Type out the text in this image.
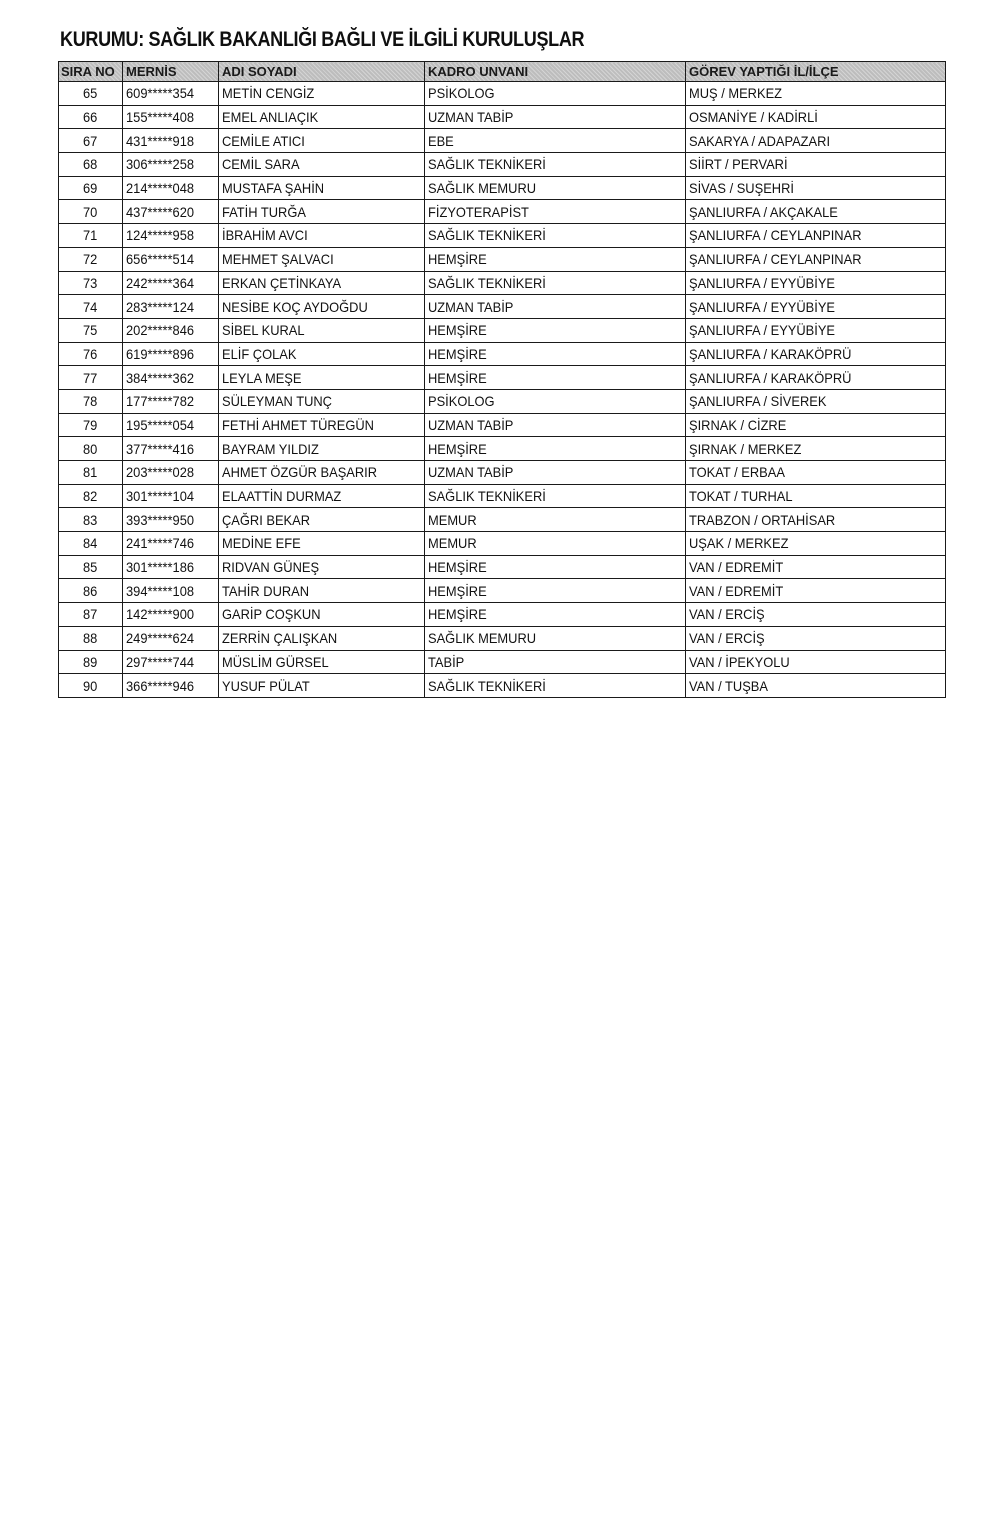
KURUMU: SAĞLIK BAKANLIĞI BAĞLI VE İLGİLİ KURULUŞLAR
SIRA NO	MERNİS	ADI SOYADI	KADRO UNVANI	GÖREV YAPTIĞI İL/İLÇE
65	609*****354	METİN CENGİZ	PSİKOLOG	MUŞ / MERKEZ
66	155*****408	EMEL ANLIAÇIK	UZMAN TABİP	OSMANİYE / KADİRLİ
67	431*****918	CEMİLE ATICI	EBE	SAKARYA / ADAPAZARI
68	306*****258	CEMİL SARA	SAĞLIK TEKNİKERİ	SİİRT / PERVARİ
69	214*****048	MUSTAFA ŞAHİN	SAĞLIK MEMURU	SİVAS / SUŞEHRİ
70	437*****620	FATİH TURĞA	FİZYOTERAPİST	ŞANLIURFA / AKÇAKALE
71	124*****958	İBRAHİM AVCI	SAĞLIK TEKNİKERİ	ŞANLIURFA / CEYLANPINAR
72	656*****514	MEHMET ŞALVACI	HEMŞİRE	ŞANLIURFA / CEYLANPINAR
73	242*****364	ERKAN ÇETİNKAYA	SAĞLIK TEKNİKERİ	ŞANLIURFA / EYYÜBİYE
74	283*****124	NESİBE KOÇ AYDOĞDU	UZMAN TABİP	ŞANLIURFA / EYYÜBİYE
75	202*****846	SİBEL KURAL	HEMŞİRE	ŞANLIURFA / EYYÜBİYE
76	619*****896	ELİF ÇOLAK	HEMŞİRE	ŞANLIURFA / KARAKÖPRÜ
77	384*****362	LEYLA MEŞE	HEMŞİRE	ŞANLIURFA / KARAKÖPRÜ
78	177*****782	SÜLEYMAN TUNÇ	PSİKOLOG	ŞANLIURFA / SİVEREK
79	195*****054	FETHİ AHMET TÜREGÜN	UZMAN TABİP	ŞIRNAK / CİZRE
80	377*****416	BAYRAM YILDIZ	HEMŞİRE	ŞIRNAK / MERKEZ
81	203*****028	AHMET ÖZGÜR BAŞARIR	UZMAN TABİP	TOKAT / ERBAA
82	301*****104	ELAATTİN DURMAZ	SAĞLIK TEKNİKERİ	TOKAT / TURHAL
83	393*****950	ÇAĞRI BEKAR	MEMUR	TRABZON / ORTAHİSAR
84	241*****746	MEDİNE EFE	MEMUR	UŞAK / MERKEZ
85	301*****186	RIDVAN GÜNEŞ	HEMŞİRE	VAN / EDREMİT
86	394*****108	TAHİR DURAN	HEMŞİRE	VAN / EDREMİT
87	142*****900	GARİP COŞKUN	HEMŞİRE	VAN / ERCİŞ
88	249*****624	ZERRİN ÇALIŞKAN	SAĞLIK MEMURU	VAN / ERCİŞ
89	297*****744	MÜSLİM GÜRSEL	TABİP	VAN / İPEKYOLU
90	366*****946	YUSUF PÜLAT	SAĞLIK TEKNİKERİ	VAN / TUŞBA
